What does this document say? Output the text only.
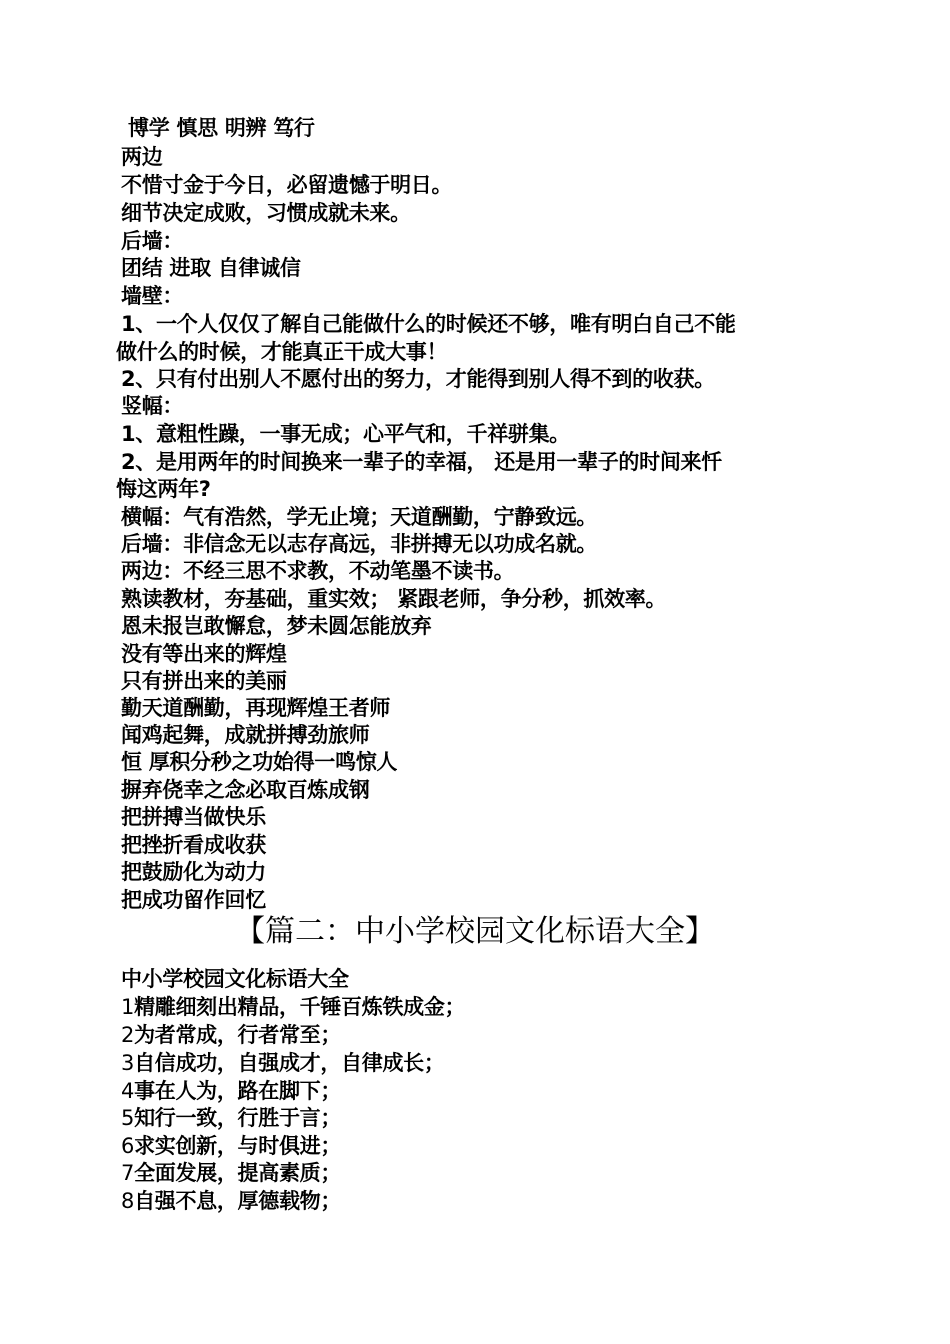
博学 慎思 明辨 笃行
两边
不惜寸金于今日，必留遗憾于明日。
细节决定成败，习惯成就未来。
后墙：
团结 进取 自律诚信
墙壁：
1、一个人仅仅了解自己能做什么的时候还不够，唯有明白自己不能
做什么的时候，才能真正干成大事！
2、只有付出别人不愿付出的努力，才能得到别人得不到的收获。
竖幅：
1、意粗性躁，一事无成；心平气和，千祥骈集。
2、是用两年的时间换来一辈子的幸福， 还是用一辈子的时间来忏
悔这两年?
横幅：气有浩然，学无止境；天道酬勤，宁静致远。
后墙：非信念无以志存高远，非拼搏无以功成名就。
两边：不经三思不求教，不动笔墨不读书。
熟读教材，夯基础，重实效； 紧跟老师，争分秒，抓效率。
恩未报岂敢懈怠，梦未圆怎能放弃
没有等出来的辉煌
只有拼出来的美丽
勤天道酬勤，再现辉煌王者师
闻鸡起舞，成就拼搏劲旅师
恒 厚积分秒之功始得一鸣惊人
摒弃侥幸之念必取百炼成钢
把拼搏当做快乐
把挫折看成收获
把鼓励化为动力
把成功留作回忆
【篇二：中小学校园文化标语大全】
中小学校园文化标语大全
1精雕细刻出精品，千锤百炼铁成金；
2为者常成，行者常至；
3自信成功，自强成才，自律成长；
4事在人为，路在脚下；
5知行一致，行胜于言；
6求实创新，与时俱进；
7全面发展，提高素质；
8自强不息，厚德载物；
